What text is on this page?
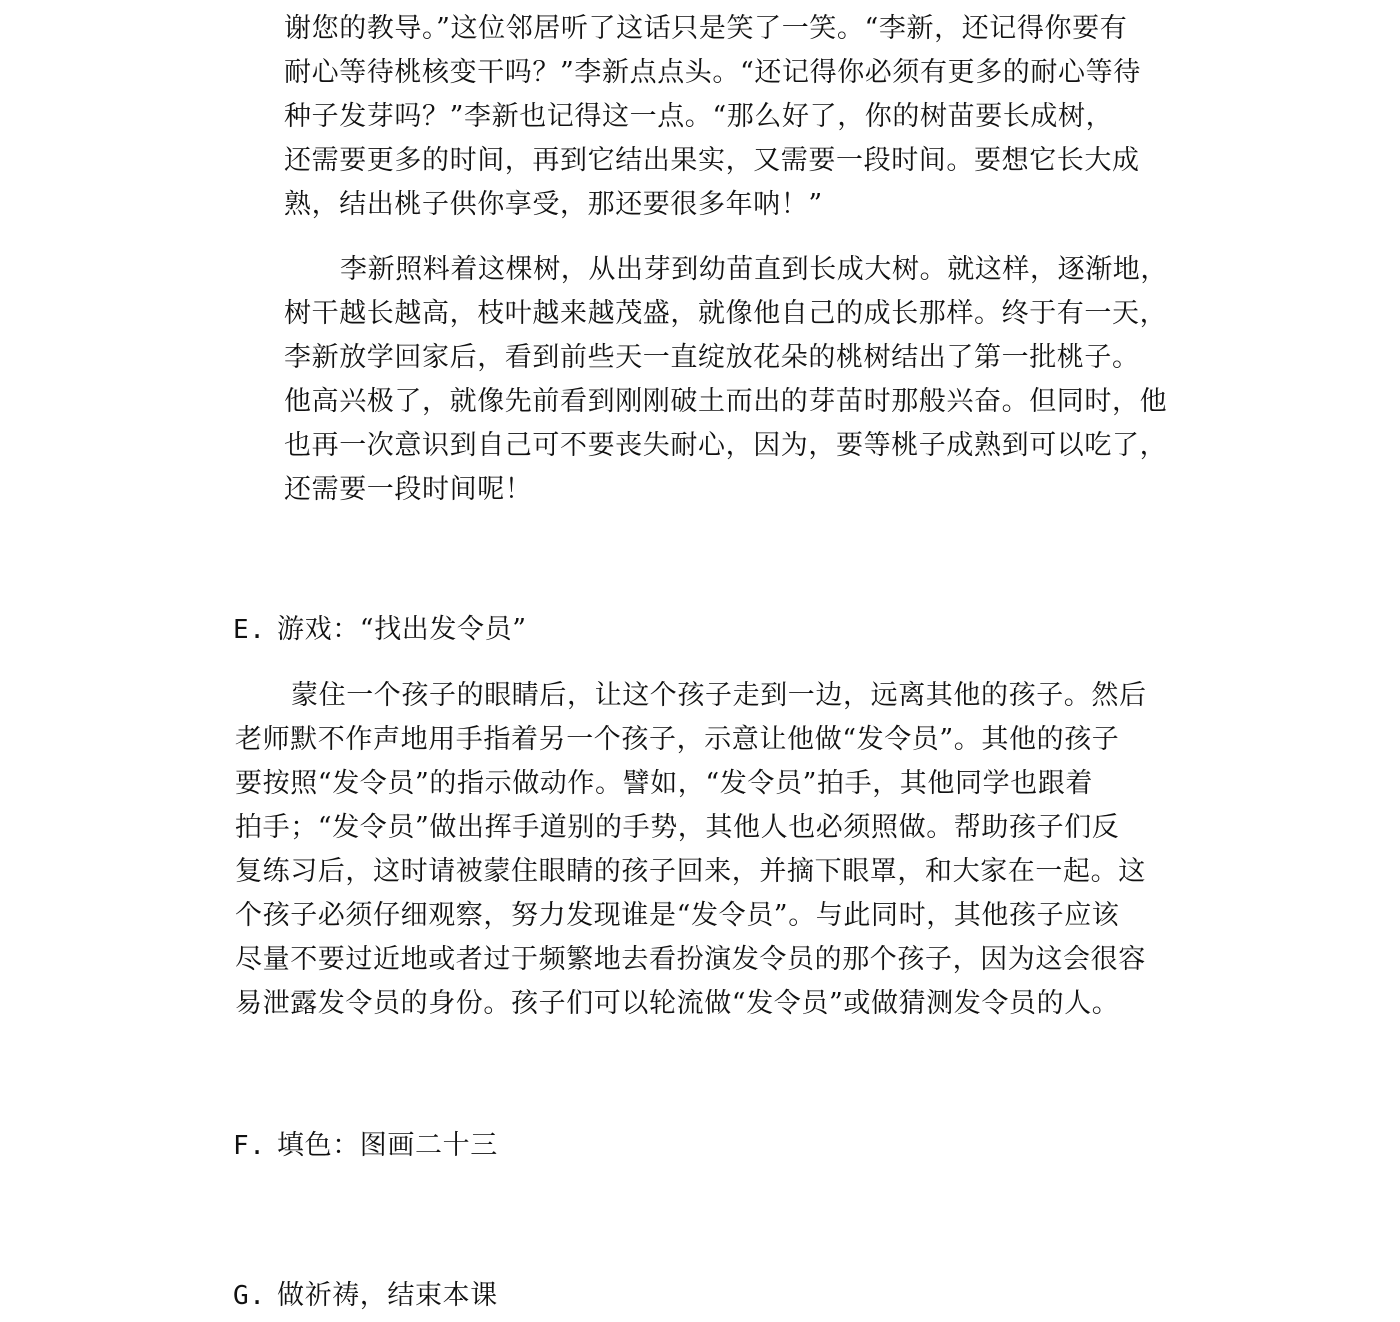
谢您的教导。”这位邻居听了这话只是笑了一笑。“李新，还记得你要有
耐心等待桃核变干吗？”李新点点头。“还记得你必须有更多的耐心等待
种子发芽吗？”李新也记得这一点。“那么好了，你的树苗要长成树，
还需要更多的时间，再到它结出果实，又需要一段时间。要想它长大成
熟，结出桃子供你享受，那还要很多年呐！”
李新照料着这棵树，从出芽到幼苗直到长成大树。就这样，逐渐地，
树干越长越高，枝叶越来越茂盛，就像他自己的成长那样。终于有一天，
李新放学回家后，看到前些天一直绽放花朵的桃树结出了第一批桃子。
他高兴极了，就像先前看到刚刚破土而出的芽苗时那般兴奋。但同时，他
也再一次意识到自己可不要丧失耐心，因为，要等桃子成熟到可以吃了，
还需要一段时间呢！
E. 游戏：“找出发令员”
蒙住一个孩子的眼睛后，让这个孩子走到一边，远离其他的孩子。然后
老师默不作声地用手指着另一个孩子，示意让他做“发令员”。其他的孩子
要按照“发令员”的指示做动作。譬如，“发令员”拍手，其他同学也跟着
拍手；“发令员”做出挥手道别的手势，其他人也必须照做。帮助孩子们反
复练习后，这时请被蒙住眼睛的孩子回来，并摘下眼罩，和大家在一起。这
个孩子必须仔细观察，努力发现谁是“发令员”。与此同时，其他孩子应该
尽量不要过近地或者过于频繁地去看扮演发令员的那个孩子，因为这会很容
易泄露发令员的身份。孩子们可以轮流做“发令员”或做猜测发令员的人。
F. 填色：图画二十三
G. 做祈祷，结束本课
